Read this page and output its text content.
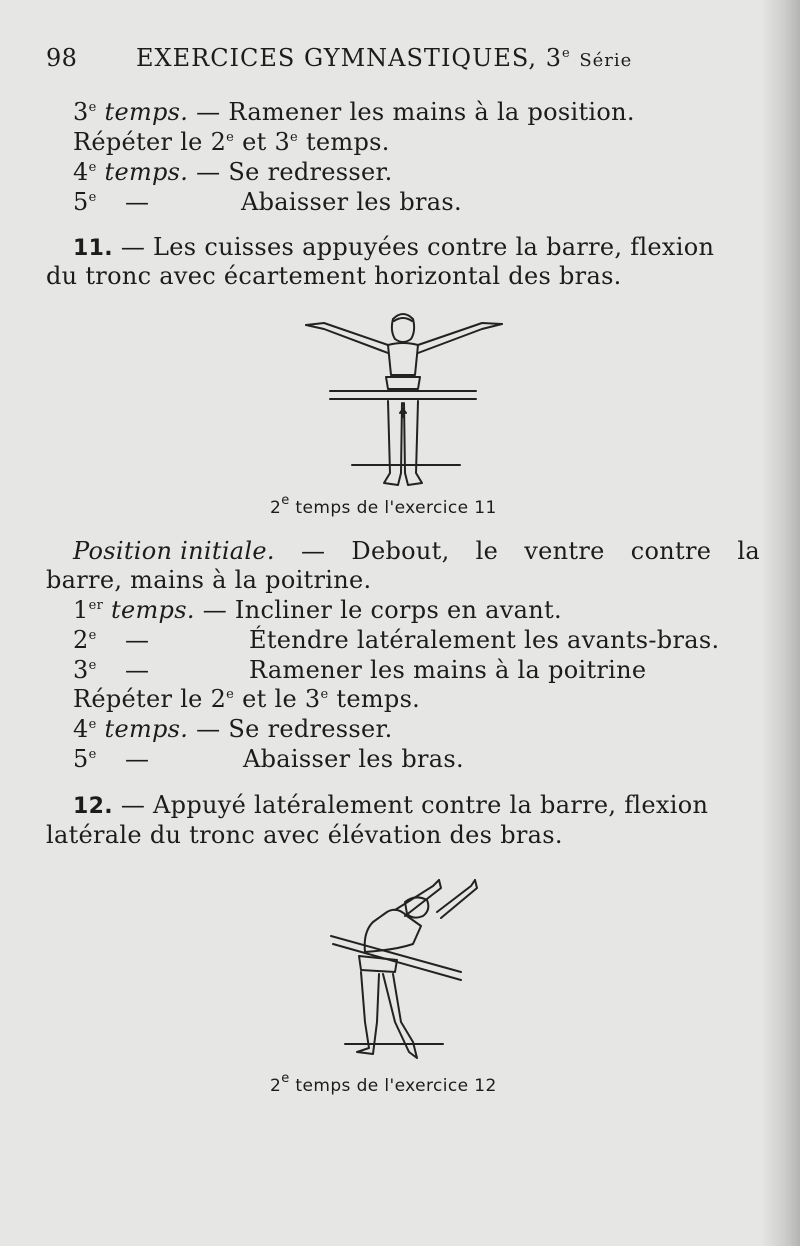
98 EXERCICES GYMNASTIQUES, 3e Série
3e temps. — Ramener les mains à la position.
Répéter le 2e et 3e temps.
4e temps. — Se redresser.
5e —	Abaisser les bras.
11. — Les cuisses appuyées contre la barre, flexion
du tronc avec écartement horizontal des bras.
2e temps de l'exercice 11
Position initiale. — Debout, le ventre contre la
barre, mains à la poitrine.
1er temps. — Incliner le corps en avant.
2e —	Étendre latéralement les avants-bras.
3e —	Ramener les mains à la poitrine
Répéter le 2e et le 3e temps.
4e temps. — Se redresser.
5e —	Abaisser les bras.
12. — Appuyé latéralement contre la barre, flexion
latérale du tronc avec élévation des bras.
2e temps de l'exercice 12
